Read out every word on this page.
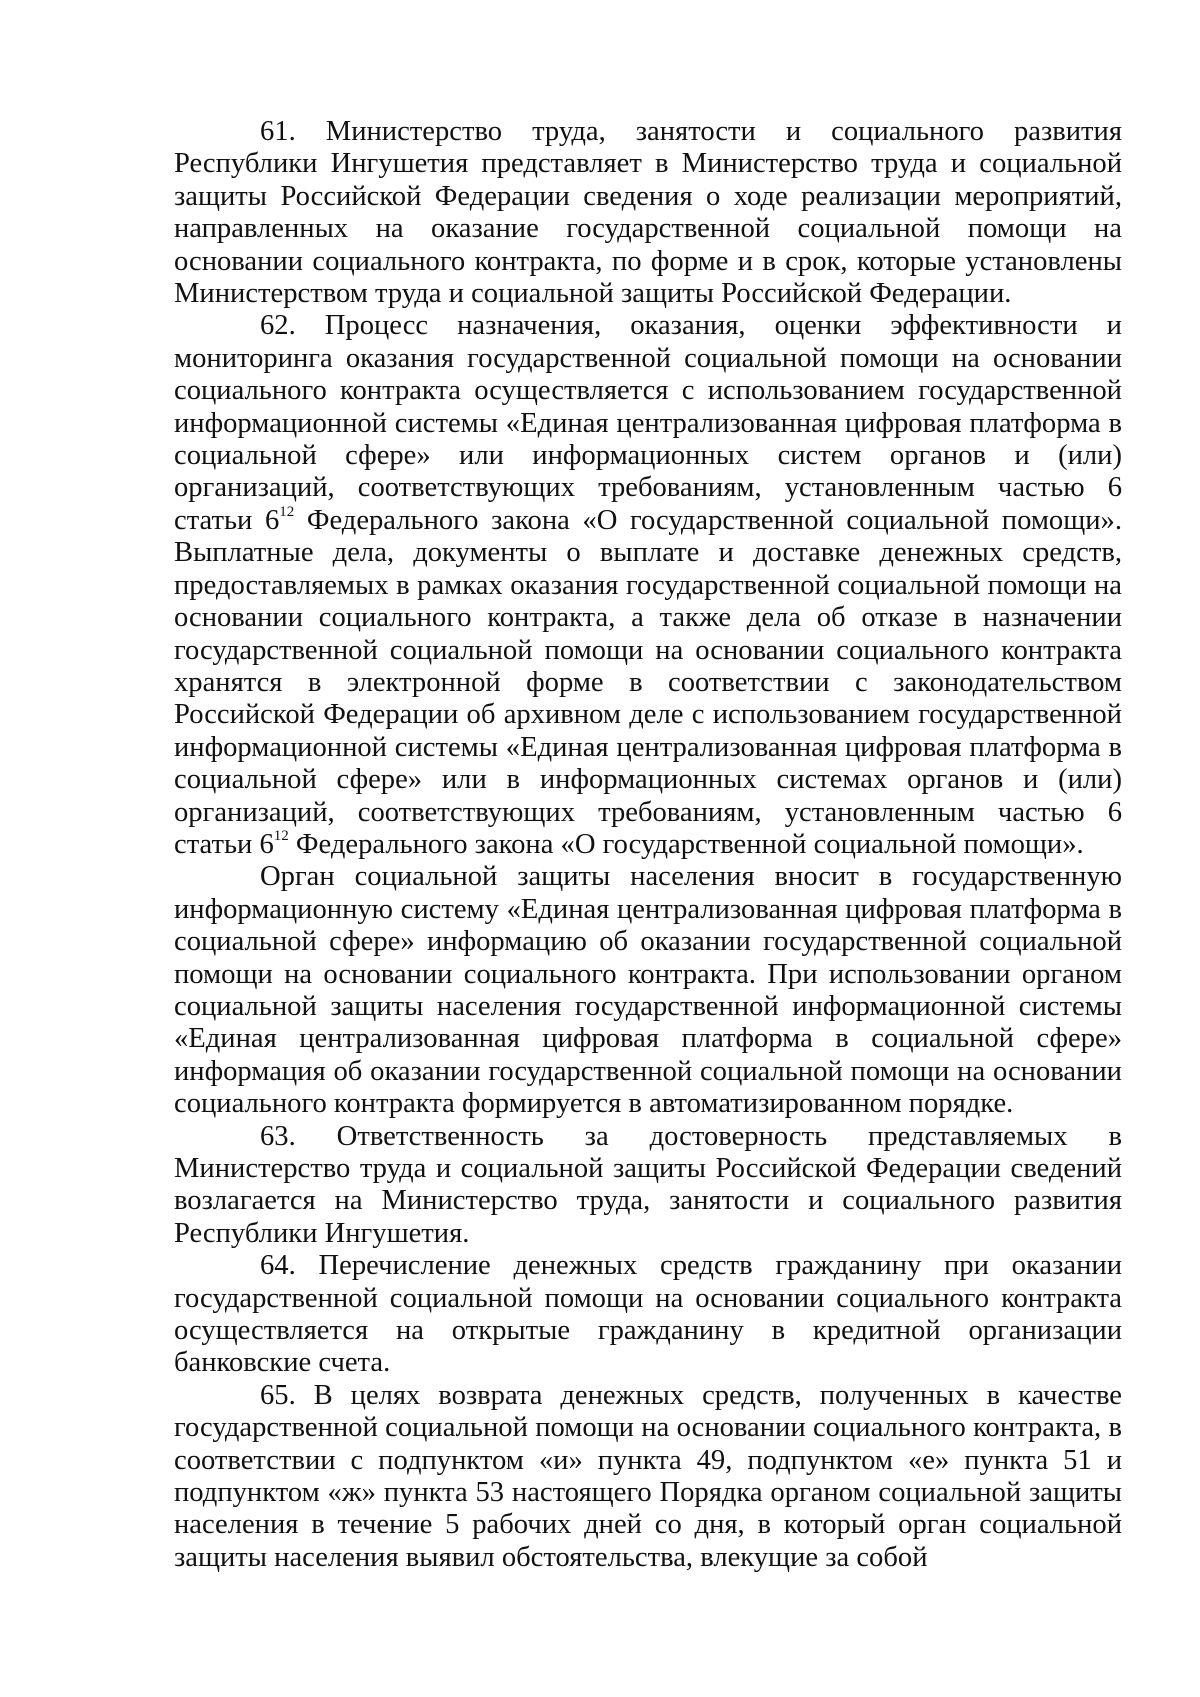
61. Министерство труда, занятости и социального развития Республики Ингушетия представляет в Министерство труда и социальной защиты Российской Федерации сведения о ходе реализации мероприятий, направленных на оказание государственной социальной помощи на основании социального контракта, по форме и в срок, которые установлены Министерством труда и социальной защиты Российской Федерации.

62. Процесс назначения, оказания, оценки эффективности и мониторинга оказания государственной социальной помощи на основании социального контракта осуществляется с использованием государственной информационной системы «Единая централизованная цифровая платформа в социальной сфере» или информационных систем органов и (или) организаций, соответствующих требованиям, установленным частью 6 статьи $6^{12}$ Федерального закона «О государственной социальной помощи». Выплатные дела, документы о выплате и доставке денежных средств, предоставляемых в рамках оказания государственной социальной помощи на основании социального контракта, а также дела об отказе в назначении государственной социальной помощи на основании социального контракта хранятся в электронной форме в соответствии с законодательством Российской Федерации об архивном деле с использованием государственной информационной системы «Единая централизованная цифровая платформа в социальной сфере» или в информационных системах органов и (или) организаций, соответствующих требованиям, установленным частью 6 статьи $6^{12}$ Федерального закона «О государственной социальной помощи».

Орган социальной защиты населения вносит в государственную информационную систему «Единая централизованная цифровая платформа в социальной сфере» информацию об оказании государственной социальной помощи на основании социального контракта. При использовании органом социальной защиты населения государственной информационной системы «Единая централизованная цифровая платформа в социальной сфере» информация об оказании государственной социальной помощи на основании социального контракта формируется в автоматизированном порядке.

63. Ответственность за достоверность представляемых в Министерство труда и социальной защиты Российской Федерации сведений возлагается на Министерство труда, занятости и социального развития Республики Ингушетия.

64. Перечисление денежных средств гражданину при оказании государственной социальной помощи на основании социального контракта осуществляется на открытые гражданину в кредитной организации банковские счета.

65. В целях возврата денежных средств, полученных в качестве государственной социальной помощи на основании социального контракта, в соответствии с подпунктом «и» пункта 49, подпунктом «е» пункта 51 и подпунктом «ж» пункта 53 настоящего Порядка органом социальной защиты населения в течение 5 рабочих дней со дня, в который орган социальной защиты населения выявил обстоятельства, влекущие за собой
